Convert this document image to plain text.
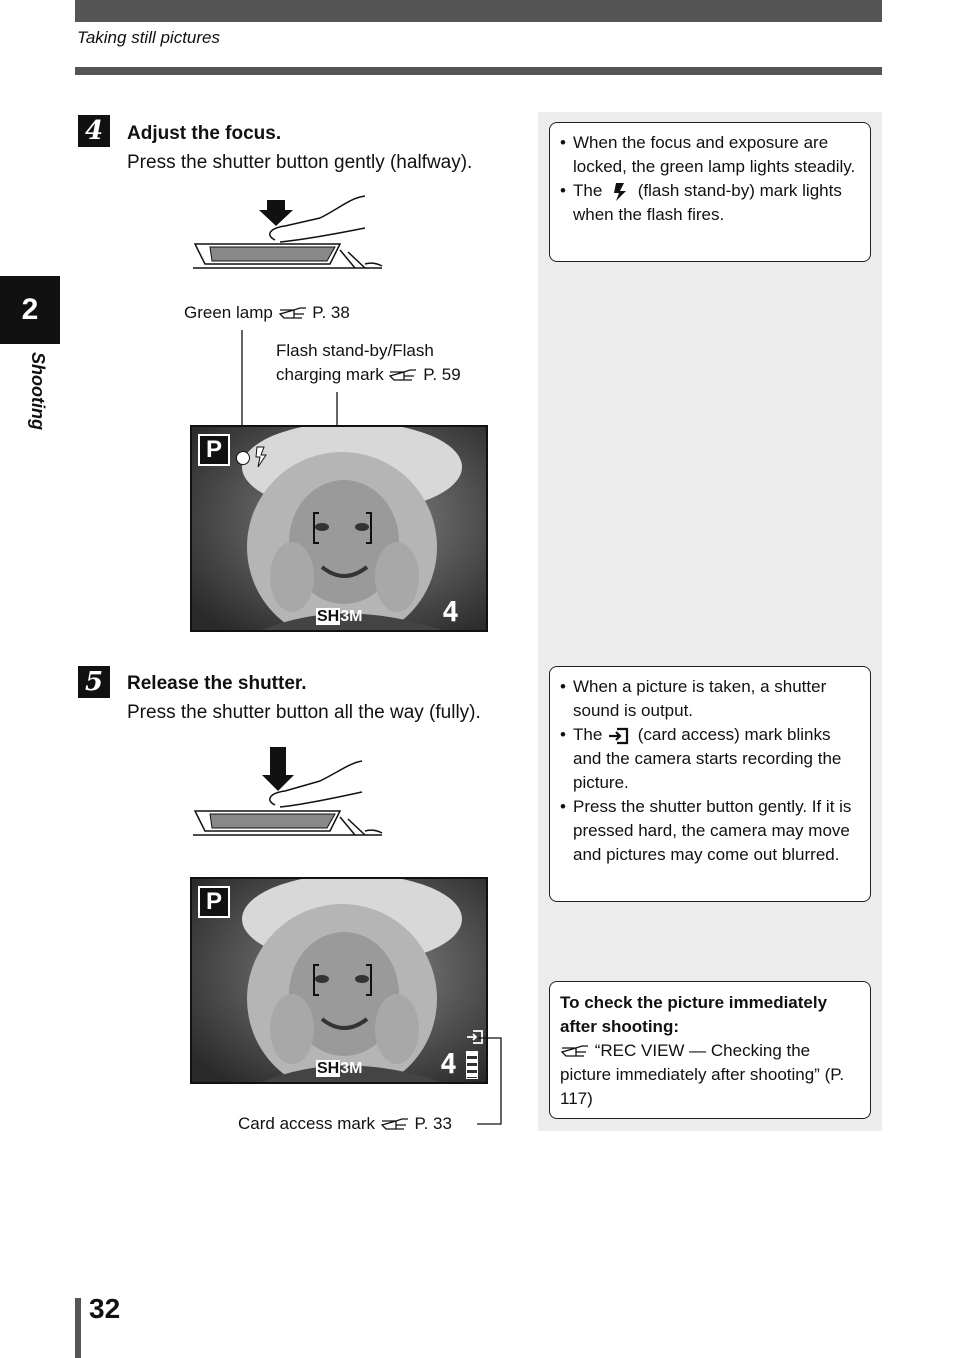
Taking still pictures
2
Shooting
4	Adjust the focus.
Press the shutter button gently (halfway).
Green lamp P. 38
Flash stand-by/Flash
charging mark P. 59
P
SH3M	4
• When the focus and exposure are locked, the green lamp lights steadily.
• The (flash stand-by) mark lights when the flash fires.
5	Release the shutter.
Press the shutter button all the way (fully).
P
SH3M	4
Card access mark P. 33
• When a picture is taken, a shutter sound is output.
• The (card access) mark blinks and the camera starts recording the picture.
• Press the shutter button gently. If it is pressed hard, the camera may move and pictures may come out blurred.
To check the picture immediately after shooting:
“REC VIEW — Checking the picture immediately after shooting” (P. 117)
32
